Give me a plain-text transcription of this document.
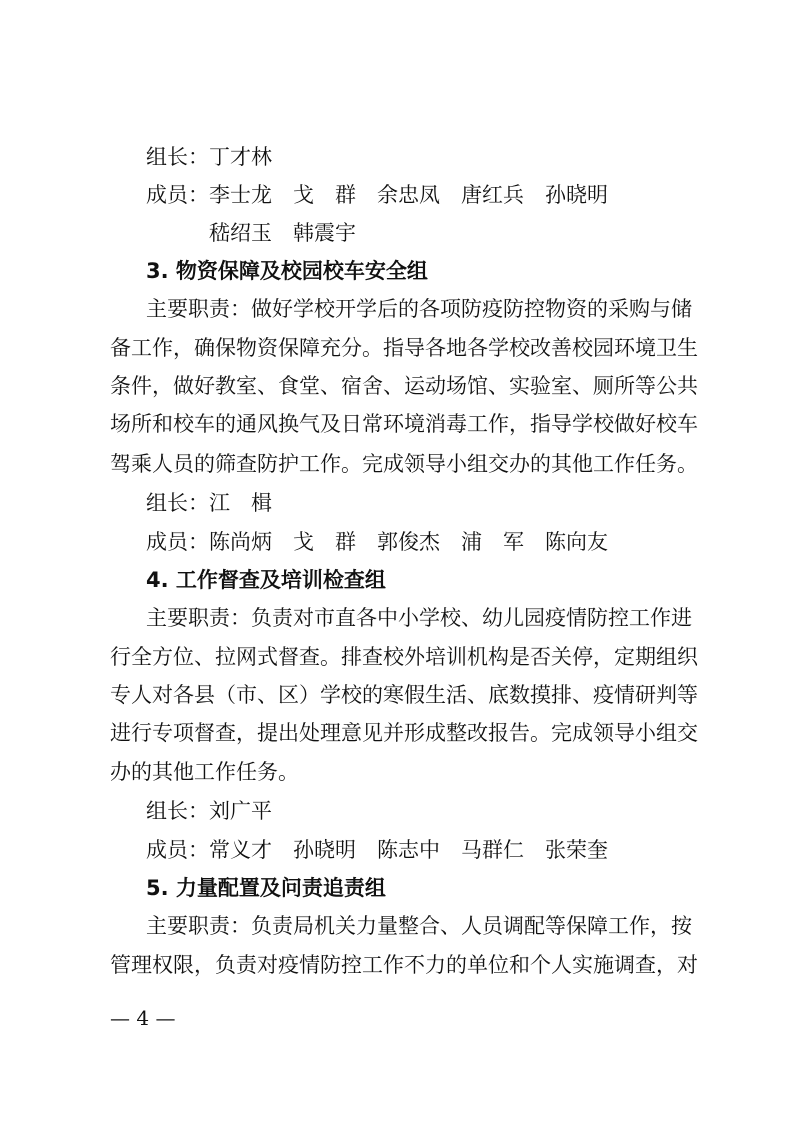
组长：丁才林
成员：李士龙　戈　群　余忠凤　唐红兵　孙晓明
嵇绍玉　韩震宇
3. 物资保障及校园校车安全组
主要职责：做好学校开学后的各项防疫防控物资的采购与储
备工作，确保物资保障充分。指导各地各学校改善校园环境卫生
条件，做好教室、食堂、宿舍、运动场馆、实验室、厕所等公共
场所和校车的通风换气及日常环境消毒工作，指导学校做好校车
驾乘人员的筛查防护工作。完成领导小组交办的其他工作任务。
组长：江　楫
成员：陈尚炳　戈　群　郭俊杰　浦　军　陈向友
4. 工作督查及培训检查组
主要职责：负责对市直各中小学校、幼儿园疫情防控工作进
行全方位、拉网式督查。排查校外培训机构是否关停，定期组织
专人对各县（市、区）学校的寒假生活、底数摸排、疫情研判等
进行专项督查，提出处理意见并形成整改报告。完成领导小组交
办的其他工作任务。
组长：刘广平
成员：常义才　孙晓明　陈志中　马群仁　张荣奎
5. 力量配置及问责追责组
主要职责：负责局机关力量整合、人员调配等保障工作，按
管理权限，负责对疫情防控工作不力的单位和个人实施调查，对
— 4 —
